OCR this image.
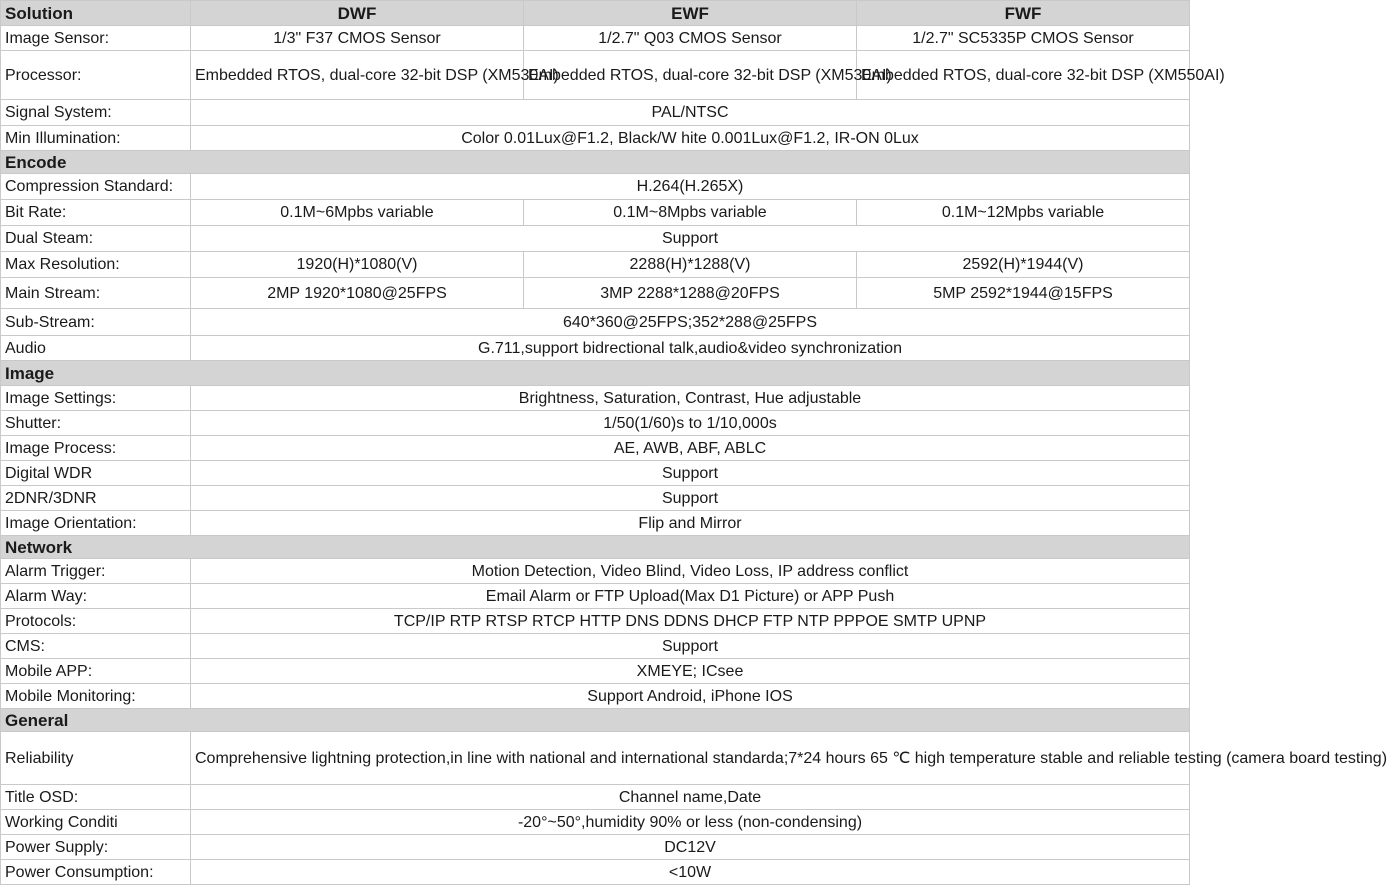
Solution	DWF	EWF	FWF
Image Sensor:	1/3" F37 CMOS Sensor	1/2.7" Q03 CMOS Sensor	1/2.7" SC5335P CMOS Sensor
Processor:	Embedded RTOS, dual-core 32-bit DSP (XM530AI)	Embedded RTOS, dual-core 32-bit DSP (XM530AI)	Embedded RTOS, dual-core 32-bit DSP (XM550AI)
Signal System:	PAL/NTSC		
Min Illumination:	Color 0.01Lux@F1.2, Black/W hite 0.001Lux@F1.2, IR-ON 0Lux		
Encode			
Compression Standard:	H.264(H.265X)		
Bit Rate:	0.1M~6Mpbs variable	0.1M~8Mpbs variable	0.1M~12Mpbs variable
Dual Steam:	Support		
Max Resolution:	1920(H)*1080(V)	2288(H)*1288(V)	2592(H)*1944(V)
Main Stream:	2MP 1920*1080@25FPS	3MP 2288*1288@20FPS	5MP 2592*1944@15FPS
Sub-Stream:	640*360@25FPS;352*288@25FPS		
Audio	G.711,support bidrectional talk,audio&video synchronization		
Image			
Image Settings:	Brightness, Saturation, Contrast, Hue adjustable		
Shutter:	1/50(1/60)s to 1/10,000s		
Image Process:	AE, AWB, ABF, ABLC		
Digital WDR	Support		
2DNR/3DNR	Support		
Image Orientation:	Flip and Mirror		
Network			
Alarm Trigger:	Motion Detection, Video Blind, Video Loss, IP address conflict		
Alarm Way:	Email Alarm or FTP Upload(Max D1 Picture) or APP Push		
Protocols:	TCP/IP RTP RTSP RTCP HTTP DNS DDNS DHCP FTP NTP PPPOE SMTP UPNP		
CMS:	Support		
Mobile APP:	XMEYE; ICsee		
Mobile Monitoring:	Support Android, iPhone IOS		
General			
Reliability	Comprehensive lightning protection,in line with national and international standarda;7*24 hours 65 ℃ high temperature stable and reliable testing (camera board testing)		
Title OSD:	Channel name,Date		
Working Conditi	-20°~50°,humidity 90% or less (non-condensing)		
Power Supply:	DC12V		
Power Consumption:	<10W		
